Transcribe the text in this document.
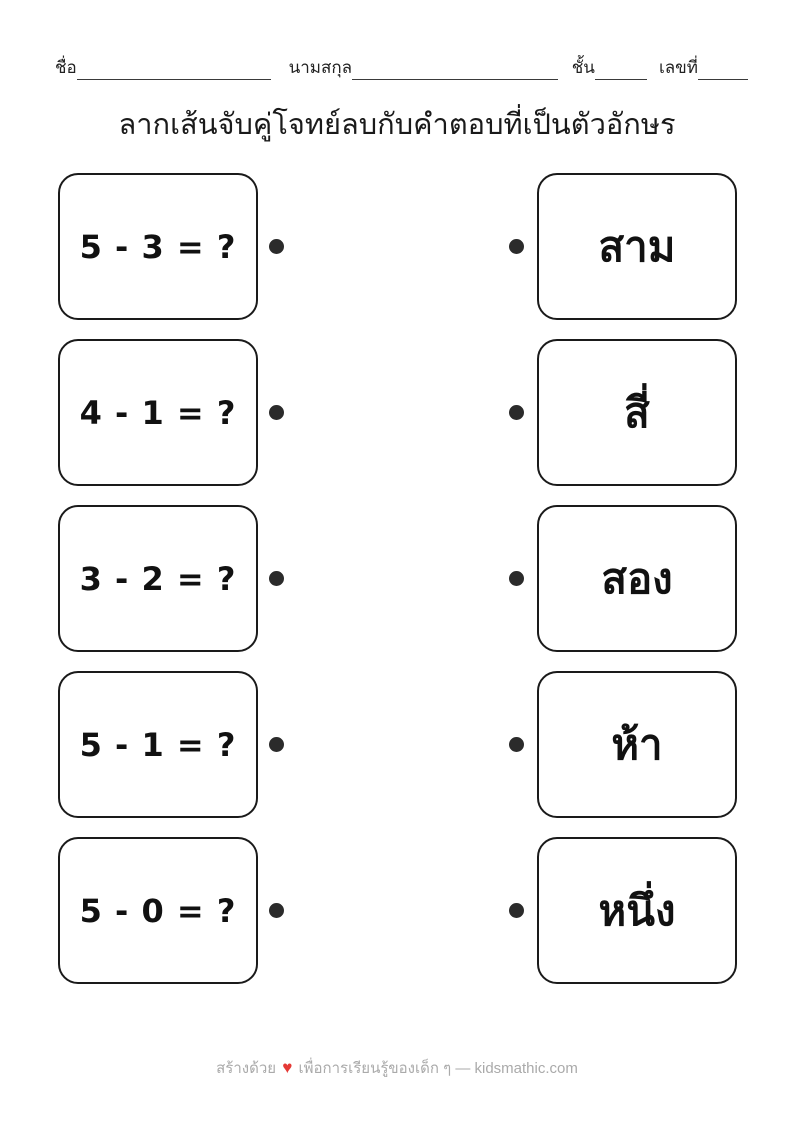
ชื่อ	นามสกุล	ชั้น	เลขที่
ลากเส้นจับคู่โจทย์ลบกับคำตอบที่เป็นตัวอักษร
5 - 3 = ?	สาม
4 - 1 = ?	สี่
3 - 2 = ?	สอง
5 - 1 = ?	ห้า
5 - 0 = ?	หนึ่ง
สร้างด้วย ♥ เพื่อการเรียนรู้ของเด็ก ๆ — kidsmathic.com
